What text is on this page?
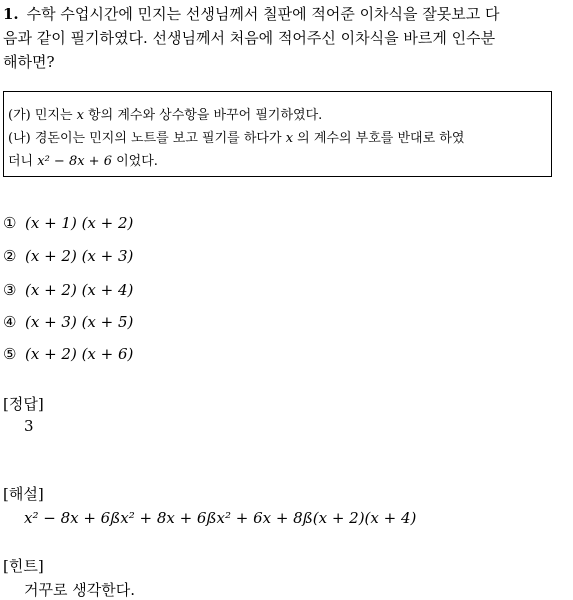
1. 수학 수업시간에 민지는 선생님께서 칠판에 적어준 이차식을 잘못보고 다
음과 같이 필기하였다. 선생님께서 처음에 적어주신 이차식을 바르게 인수분
해하면?
(가) 민지는 x 항의 계수와 상수항을 바꾸어 필기하였다.
(나) 경돈이는 민지의 노트를 보고 필기를 하다가 x 의 계수의 부호를 반대로 하였
더니 x² − 8x + 6 이었다.
① (x + 1) (x + 2)
② (x + 2) (x + 3)
③ (x + 2) (x + 4)
④ (x + 3) (x + 5)
⑤ (x + 2) (x + 6)
[정답]
3
[해설]
x² − 8x + 6ßx² + 8x + 6ßx² + 6x + 8ß(x + 2)(x + 4)
[힌트]
거꾸로 생각한다.
